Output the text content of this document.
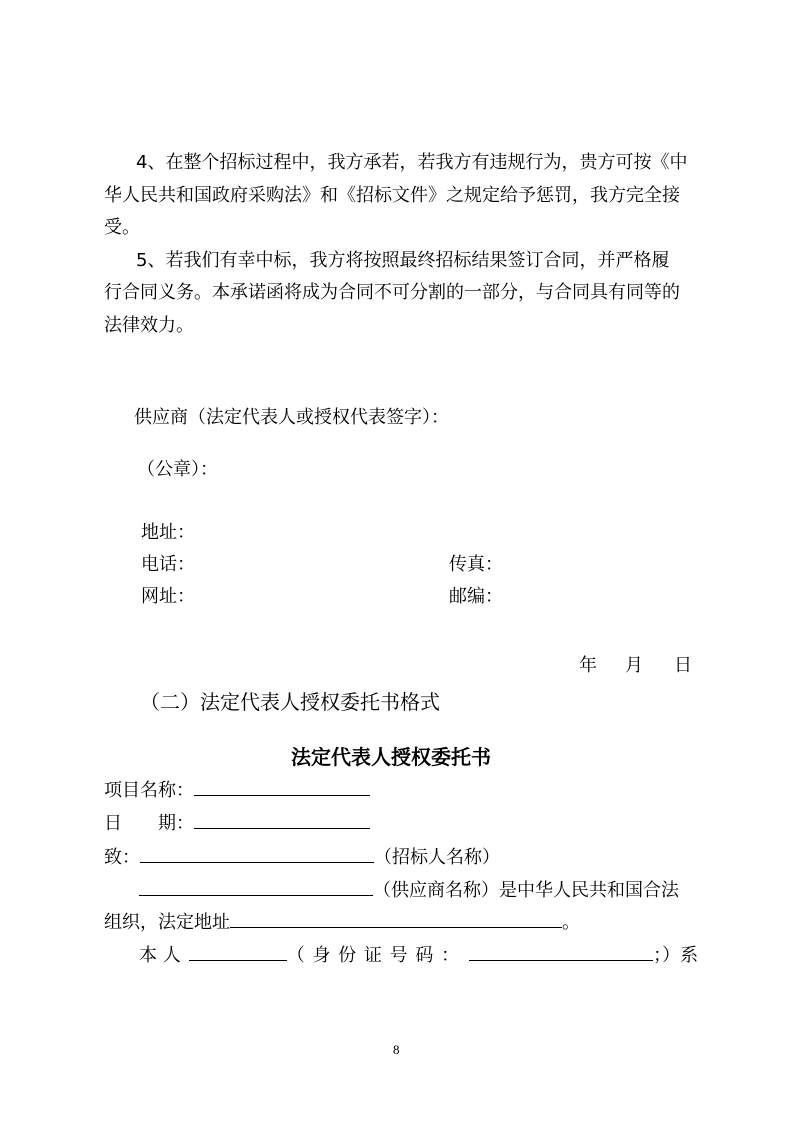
4、在整个招标过程中，我方承若，若我方有违规行为，贵方可按《中
华人民共和国政府采购法》和《招标文件》之规定给予惩罚，我方完全接
受。
5、若我们有幸中标，我方将按照最终招标结果签订合同，并严格履
行合同义务。本承诺函将成为合同不可分割的一部分，与合同具有同等的
法律效力。
供应商（法定代表人或授权代表签字）：
（公章）：
地址：
电话：	传真：
网址：	邮编：
年 月 日
（二）法定代表人授权委托书格式
法定代表人授权委托书
项目名称：
日 期：
致：	（招标人名称）
（供应商名称）是中华人民共和国合法
组织，法定地址	。
本 人	（ 身 份 证 号 码 ：	；）系
8
